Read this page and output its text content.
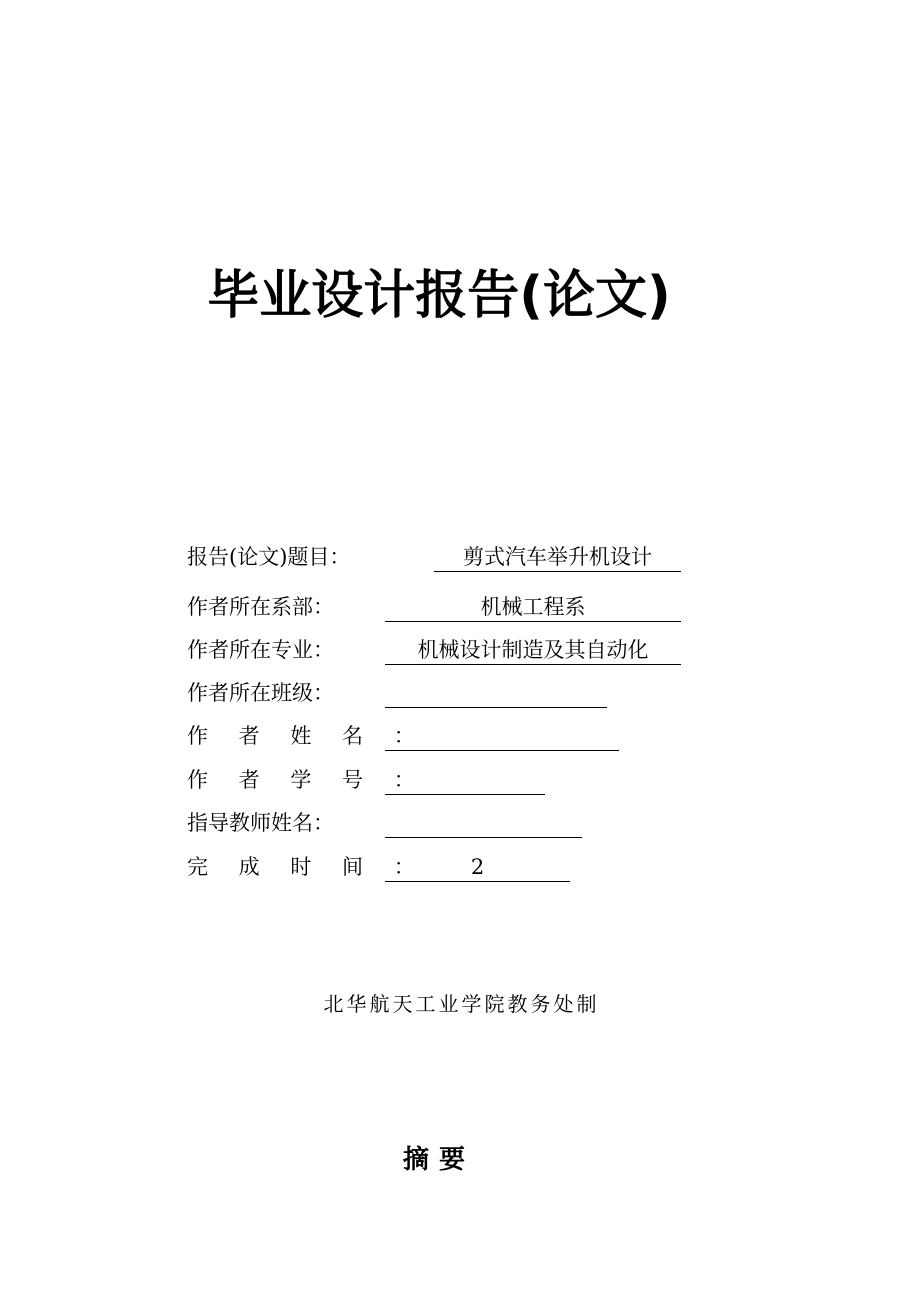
毕业设计报告(论文)
报告(论文)题目：	剪式汽车举升机设计
作者所在系部：	机械工程系
作者所在专业：	机械设计制造及其自动化
作者所在班级：
作 者 姓 名 ：
作 者 学 号 ：
指导教师姓名：
完 成 时 间 ：	2
北华航天工业学院教务处制
摘要
